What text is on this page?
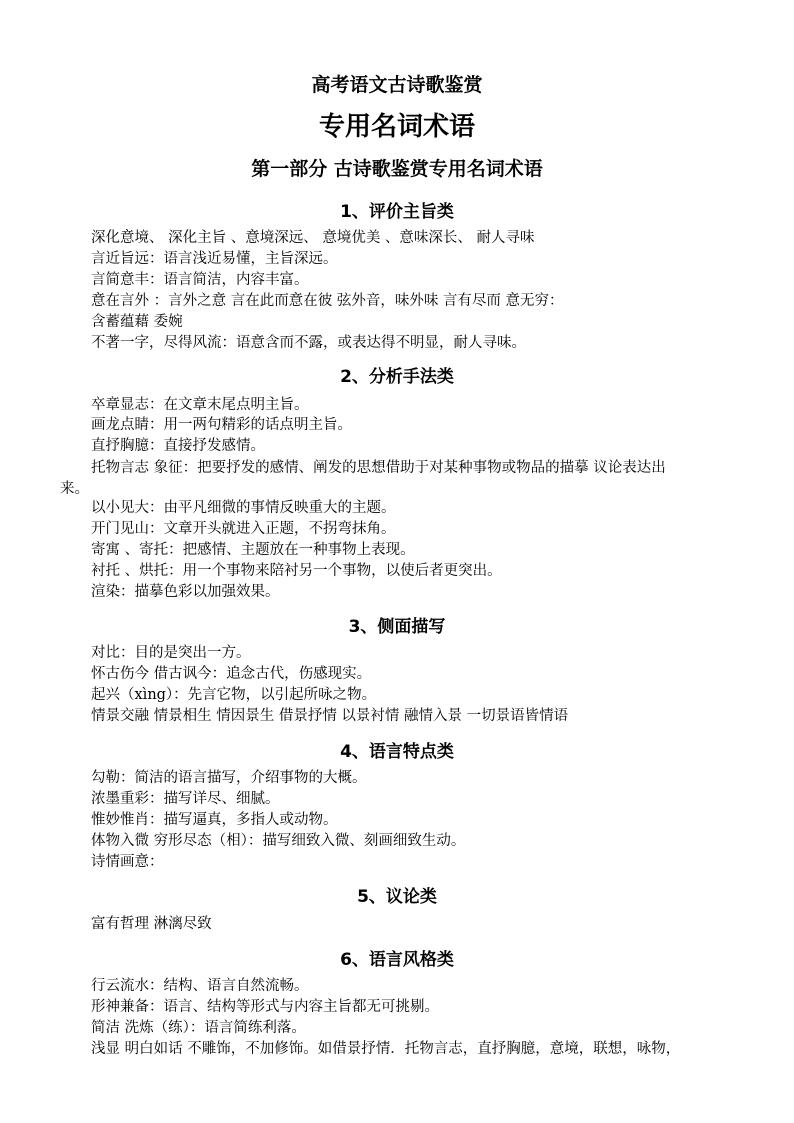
高考语文古诗歌鉴赏
专用名词术语
第一部分 古诗歌鉴赏专用名词术语
1、评价主旨类
深化意境、 深化主旨 、意境深远、 意境优美 、意味深长、 耐人寻味
言近旨远：语言浅近易懂，主旨深远。
言简意丰：语言简洁，内容丰富。
意在言外 ：言外之意 言在此而意在彼 弦外音，味外味 言有尽而 意无穷：
含蓄蕴藉 委婉
不著一字，尽得风流：语意含而不露，或表达得不明显，耐人寻味。
2、分析手法类
卒章显志：在文章末尾点明主旨。
画龙点睛：用一两句精彩的话点明主旨。
直抒胸臆：直接抒发感情。
托物言志 象征：把要抒发的感情、阐发的思想借助于对某种事物或物品的描摹 议论表达出
来。
以小见大：由平凡细微的事情反映重大的主题。
开门见山：文章开头就进入正题，不拐弯抹角。
寄寓 、寄托：把感情、主题放在一种事物上表现。
衬托 、烘托：用一个事物来陪衬另一个事物，以使后者更突出。
渲染：描摹色彩以加强效果。
3、侧面描写
对比：目的是突出一方。
怀古伤今 借古讽今：追念古代，伤感现实。
起兴（xìng）：先言它物，以引起所咏之物。
情景交融 情景相生 情因景生 借景抒情 以景衬情 融情入景 一切景语皆情语
4、语言特点类
勾勒：简洁的语言描写，介绍事物的大概。
浓墨重彩：描写详尽、细腻。
惟妙惟肖：描写逼真，多指人或动物。
体物入微 穷形尽态（相）：描写细致入微、刻画细致生动。
诗情画意：
5、议论类
富有哲理 淋漓尽致
6、语言风格类
行云流水：结构、语言自然流畅。
形神兼备：语言、结构等形式与内容主旨都无可挑剔。
简洁 洗炼（练）：语言简练利落。
浅显 明白如话 不雕饰，不加修饰。如借景抒情．托物言志，直抒胸臆，意境，联想，咏物，
